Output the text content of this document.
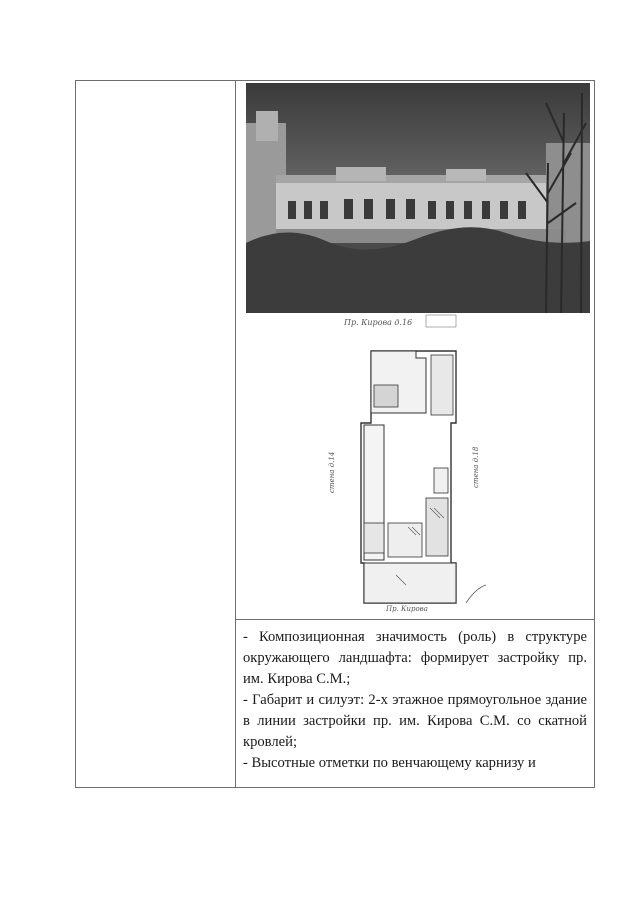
Пр. Кирова д.16
стена д.14	стена д.18
Пр. Кирова

- Композиционная значимость (роль) в структуре окружающего ландшафта: формирует застройку пр. им. Кирова С.М.;

- Габарит и силуэт: 2-х этажное прямоугольное здание в линии застройки пр. им. Кирова С.М. со скатной кровлей;

- Высотные отметки по венчающему карнизу и
